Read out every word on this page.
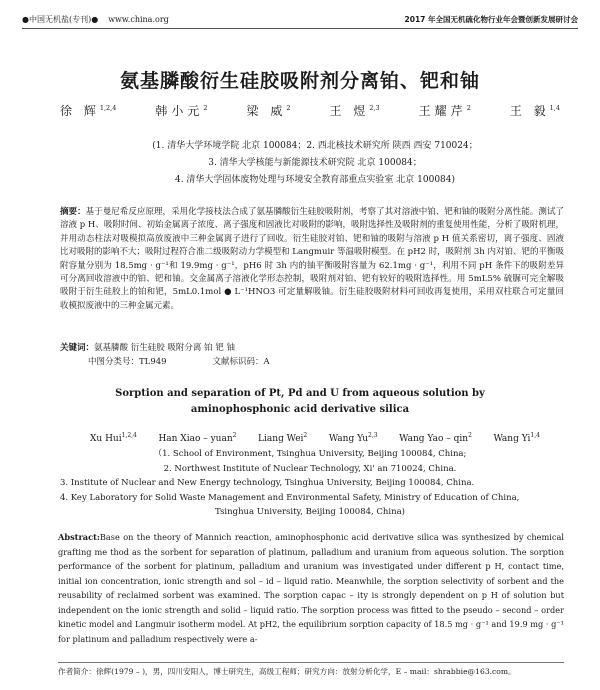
●中国无机盐(专刊)● www.china.org	2017 年全国无机硫化物行业年会暨创新发展研讨会
氨基膦酸衍生硅胶吸附剂分离铂、钯和铀
徐 辉$^{1,2,4}$	韩小元$^2$	梁 威$^2$	王 煜$^{2,3}$	王耀芹$^2$	王 毅$^{1,4}$
(1. 清华大学环境学院 北京 100084；2. 西北核技术研究所 陕西 西安 710024；
3. 清华大学核能与新能源技术研究院 北京 100084；
4. 清华大学固体废物处理与环境安全教育部重点实验室 北京 100084)
摘要：基于曼尼希反应原理，采用化学接枝法合成了氨基膦酸衍生硅胶吸附剂，考察了其对溶液中铂、钯和铀的吸附分离性能。测试了溶液 p H、吸附时间、初始金属离子浓度、离子强度和固液比对吸附的影响，吸附选择性及吸附剂的重复使用性能，分析了吸附机理，并用动态柱法对吸模拟高放废液中三种金属离子进行了回收。衍生硅胶对铂、钯和铀的吸附与溶液 p H 值关系密切，离子强度、固液比对吸附的影响不大；吸附过程符合准二级吸附动力学模型和 Langmuir 等温吸附模型。在 pH2 时，吸附剂 3h 内对铂、钯的平衡吸附容量分别为 18.5mg · g⁻¹和 19.9mg · g⁻¹，pH6 时 3h 内的铀平衡吸附容量为 62.1mg · g⁻¹，利用不同 pH 条件下的吸附差异可分离回收溶液中的铂、钯和铀。交金属离子溶液化学形态控制，吸附剂对铂、钯有较好的吸附选择性。用 5mL5% 硫脲可完全解吸吸附于衍生硅胶上的铂和钯，5mL0.1mol ● L⁻¹HNO3 可定量解吸铀。衍生硅胶吸附材料可回收再复使用，采用双柱联合可定量回收模拟废液中的三种金属元素。
关键词：氨基膦酸 衍生硅胶 吸附分离 铂 钯 铀
中图分类号：TL949	文献标识码：A
Sorption and separation of Pt, Pd and U from aqueous solution by
aminophosphonic acid derivative silica
Xu Hui$^{1,2,4}$ Han Xiao – yuan$^2$ Liang Wei$^2$ Wang Yu$^{2,3}$ Wang Yao – qin$^2$ Wang Yi$^{1,4}$
（1. School of Environment, Tsinghua University, Beijing 100084, China;
2. Northwest Institute of Nuclear Technology, Xi' an 710024, China.
3. Institute of Nuclear and New Energy technology, Tsinghua University, Beijing 100084, China.
4. Key Laboratory for Solid Waste Management and Environmental Safety, Ministry of Education of China,
Tsinghua University, Beijing 100084, China)
Abstract:Base on the theory of Mannich reaction, aminophosphonic acid derivative silica was synthesized by chemical grafting me thod as the sorbent for separation of platinum, palladium and uranium from aqueous solution. The sorption performance of the sorbent for platinum, palladium and uranium was investigated under different p H, contact time, initial ion concentration, ionic strength and sol – id – liquid ratio. Meanwhile, the sorption selectivity of sorbent and the reusability of reclaimed sorbent was examined. The sorption capac – ity is strongly dependent on p H of solution but independent on the ionic strength and solid – liquid ratio. The sorption process was fitted to the pseudo – second – order kinetic model and Langmuir isotherm model. At pH2, the equilibrium sorption capacity of 18.5 mg · g⁻¹ and 19.9 mg · g⁻¹ for platinum and palladium respectively were a-
作者简介：徐辉(1979 – )，男，四川安阳人，博士研究生，高级工程师；研究方向：放射分析化学，E – mail：shrabbie@163.com。
